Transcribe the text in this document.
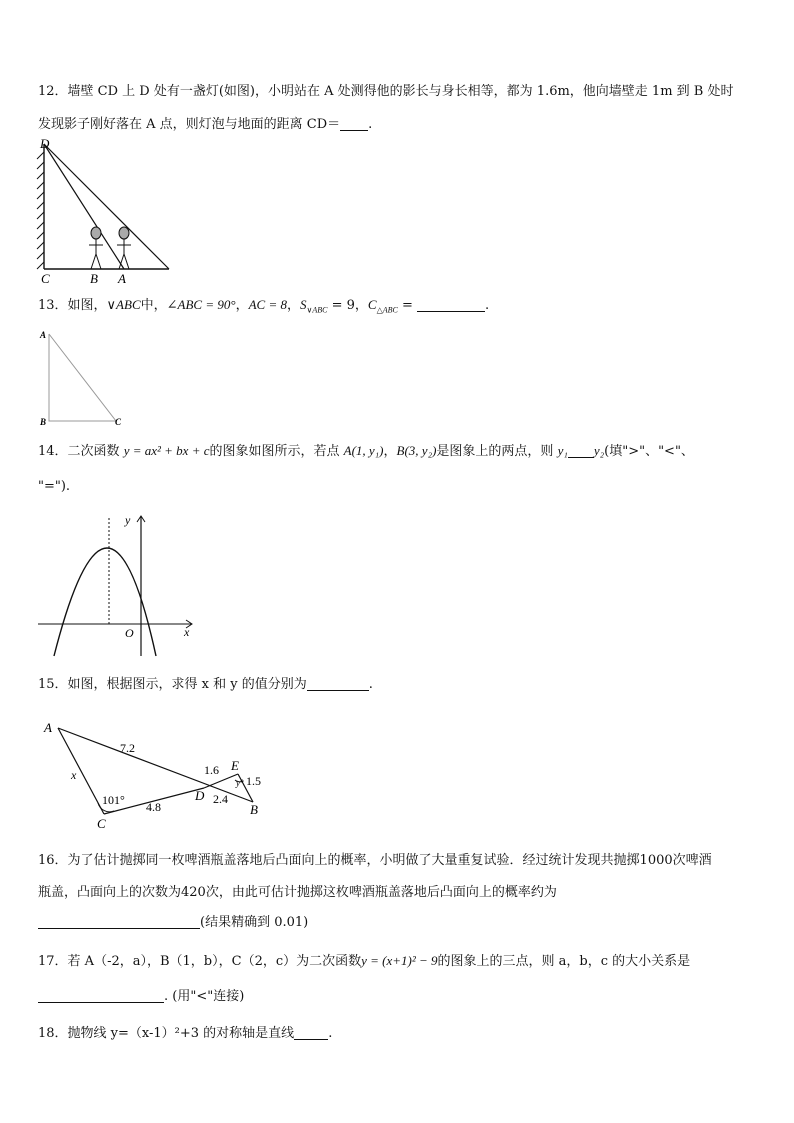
12．墙壁 CD 上 D 处有一盏灯(如图)，小明站在 A 处测得他的影长与身长相等，都为 1.6m，他向墙壁走 1m 到 B 处时
发现影子刚好落在 A 点，则灯泡与地面的距离 CD＝ .
D
C	B A
13．如图，∨ABC中，∠ABC = 90°，AC = 8，$S_{\vee ABC} = 9$，$C_{\triangle ABC}$ =	.
A
B	C
14．二次函数 y = ax² + bx + c的图象如图所示，若点 A(1, y₁)，B(3, y₂)是图象上的两点，则 y₁ y₂(填">"、"<"、
"=").
y
x
O
15．如图，根据图示，求得 x 和 y 的值分别为	.
A
C
D
E
B
x
y°
7.2
4.8
1.6
2.4
1.5
101°
16．为了估计抛掷同一枚啤酒瓶盖落地后凸面向上的概率，小明做了大量重复试验．经过统计发现共抛掷1000次啤酒
瓶盖，凸面向上的次数为420次，由此可估计抛掷这枚啤酒瓶盖落地后凸面向上的概率约为
(结果精确到 0.01)
17．若 A（-2，a），B（1，b），C（2，c）为二次函数y = (x+1)² − 9的图象上的三点，则 a，b，c 的大小关系是
. (用"<"连接)
18．抛物线 y=（x-1）²+3 的对称轴是直线	.
